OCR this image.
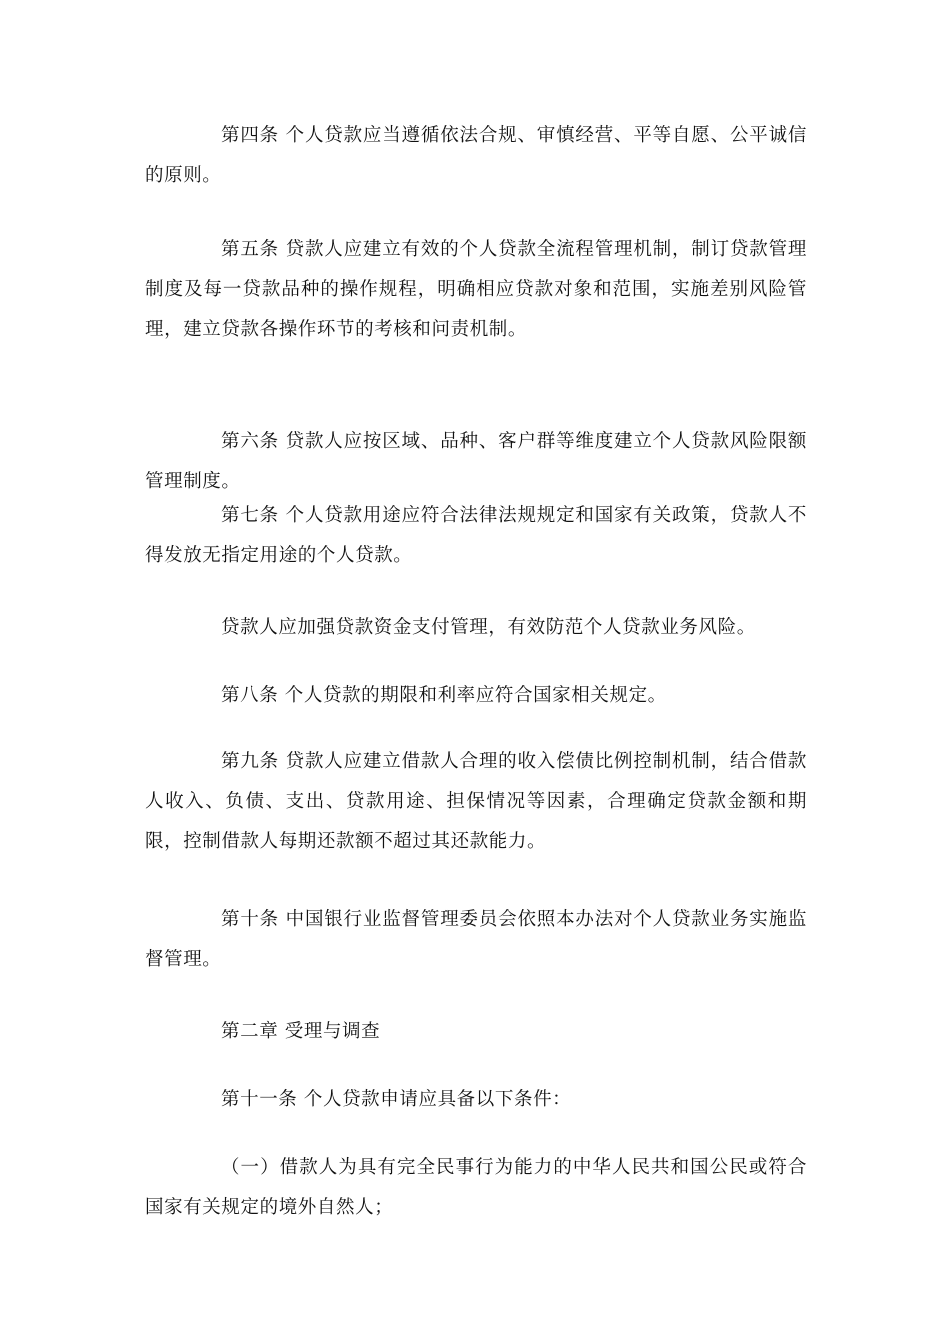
第四条 个人贷款应当遵循依法合规、审慎经营、平等自愿、公平诚信的原则。

第五条 贷款人应建立有效的个人贷款全流程管理机制，制订贷款管理制度及每一贷款品种的操作规程，明确相应贷款对象和范围，实施差别风险管理，建立贷款各操作环节的考核和问责机制。

第六条 贷款人应按区域、品种、客户群等维度建立个人贷款风险限额管理制度。

第七条 个人贷款用途应符合法律法规规定和国家有关政策，贷款人不得发放无指定用途的个人贷款。

贷款人应加强贷款资金支付管理，有效防范个人贷款业务风险。

第八条 个人贷款的期限和利率应符合国家相关规定。

第九条 贷款人应建立借款人合理的收入偿债比例控制机制，结合借款人收入、负债、支出、贷款用途、担保情况等因素，合理确定贷款金额和期限，控制借款人每期还款额不超过其还款能力。

第十条 中国银行业监督管理委员会依照本办法对个人贷款业务实施监督管理。

第二章 受理与调查

第十一条 个人贷款申请应具备以下条件：

（一）借款人为具有完全民事行为能力的中华人民共和国公民或符合国家有关规定的境外自然人；
